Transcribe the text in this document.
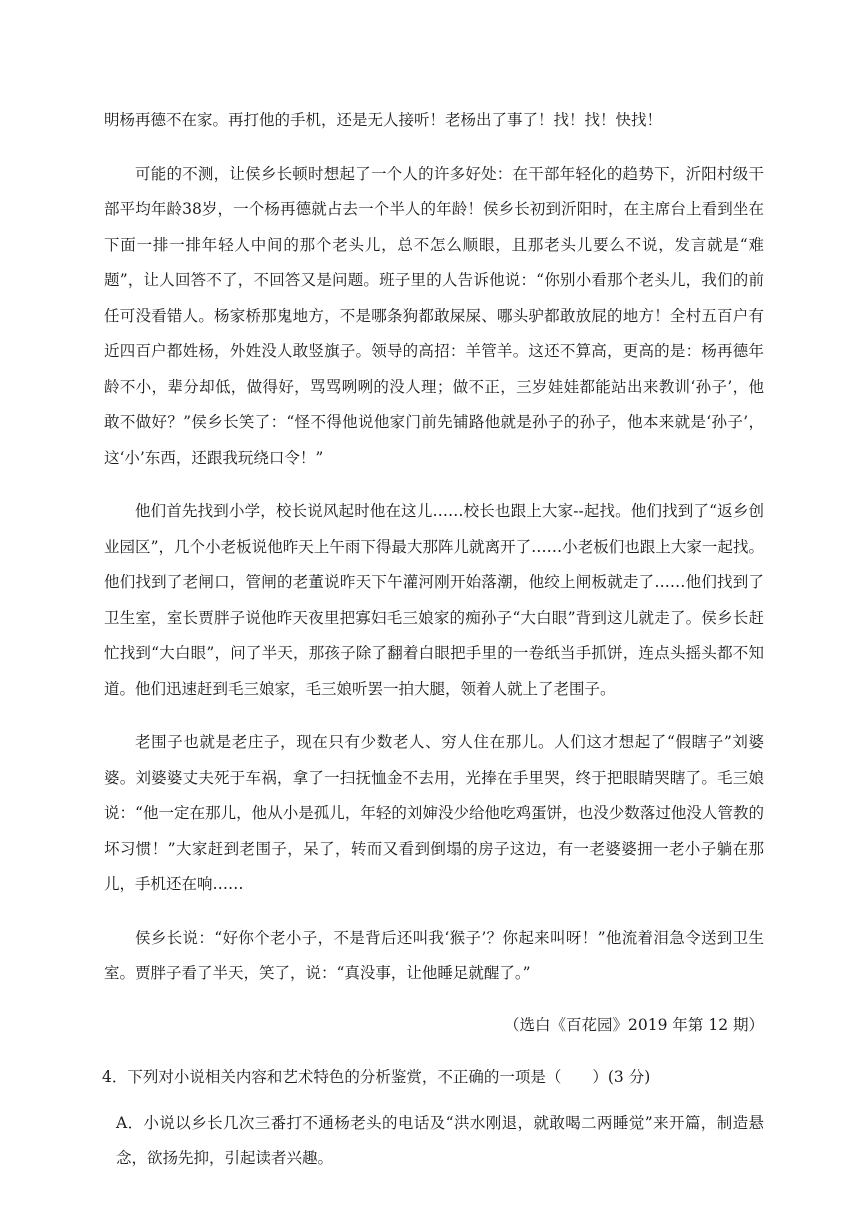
明杨再德不在家。再打他的手机，还是无人接听！老杨出了事了！找！找！快找！

可能的不测，让侯乡长顿时想起了一个人的许多好处：在干部年轻化的趋势下，沂阳村级干部平均年龄38岁，一个杨再德就占去一个半人的年龄！侯乡长初到沂阳时，在主席台上看到坐在下面一排一排年轻人中间的那个老头儿，总不怎么顺眼，且那老头儿要么不说，发言就是“难题”，让人回答不了，不回答又是问题。班子里的人告诉他说：“你别小看那个老头儿，我们的前任可没看错人。杨家桥那鬼地方，不是哪条狗都敢屎屎、哪头驴都敢放屁的地方！全村五百户有近四百户都姓杨，外姓没人敢竖旗子。领导的高招：羊管羊。这还不算高，更高的是：杨再德年龄不小，辈分却低，做得好，骂骂咧咧的没人理；做不正，三岁娃娃都能站出来教训‘孙子’，他敢不做好？”侯乡长笑了：“怪不得他说他家门前先铺路他就是孙子的孙子，他本来就是‘孙子’，这‘小’东西，还跟我玩绕口令！”

他们首先找到小学，校长说风起时他在这儿……校长也跟上大家--起找。他们找到了“返乡创业园区”，几个小老板说他昨天上午雨下得最大那阵儿就离开了……小老板们也跟上大家一起找。他们找到了老闸口，管闸的老董说昨天下午灌河刚开始落潮，他绞上闸板就走了……他们找到了卫生室，室长贾胖子说他昨天夜里把寡妇毛三娘家的痴孙子“大白眼”背到这儿就走了。侯乡长赶忙找到“大白眼”，问了半天，那孩子除了翻着白眼把手里的一卷纸当手抓饼，连点头摇头都不知道。他们迅速赶到毛三娘家，毛三娘听罢一拍大腿，领着人就上了老围子。

老围子也就是老庄子，现在只有少数老人、穷人住在那儿。人们这才想起了“假瞎子”刘婆婆。刘婆婆丈夫死于车祸，拿了一扫抚恤金不去用，光捧在手里哭，终于把眼睛哭瞎了。毛三娘说：“他一定在那儿，他从小是孤儿，年轻的刘婶没少给他吃鸡蛋饼，也没少数落过他没人管教的坏习惯！”大家赶到老围子，呆了，转而又看到倒塌的房子这边，有一老婆婆拥一老小子躺在那儿，手机还在响……

侯乡长说：“好你个老小子，不是背后还叫我‘猴子’？你起来叫呀！”他流着泪急令送到卫生室。贾胖子看了半天，笑了，说：“真没事，让他睡足就醒了。”

（选白《百花园》2019 年第 12 期）

4．下列对小说相关内容和艺术特色的分析鉴赏，不正确的一项是（　　）(3 分)

A．小说以乡长几次三番打不通杨老头的电话及“洪水刚退，就敢喝二两睡觉”来开篇，制造悬念，欲扬先抑，引起读者兴趣。
